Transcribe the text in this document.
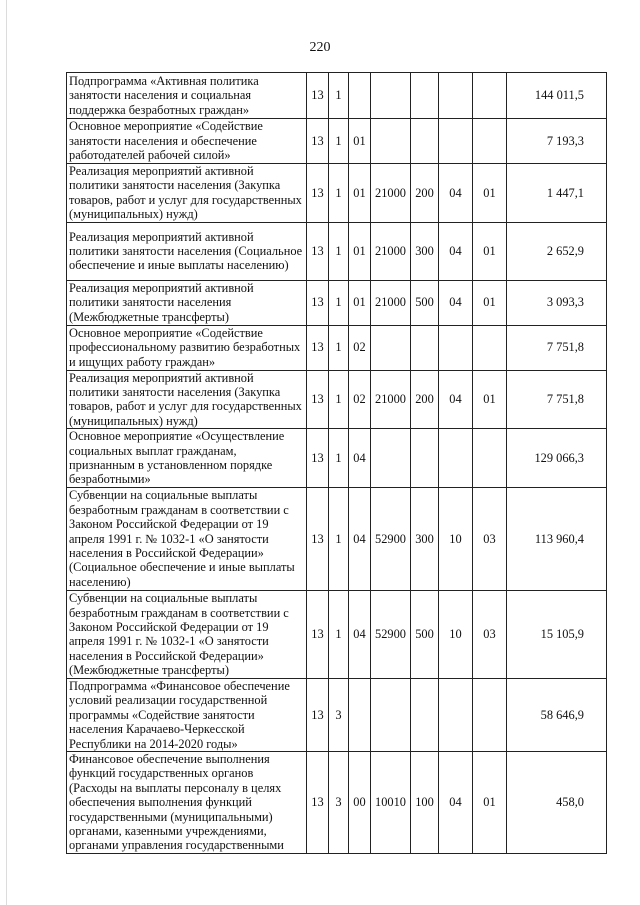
220
Подпрограмма «Активная политика занятости населения и социальная поддержка безработных граждан»	13	1						144 011,5
Основное мероприятие «Содействие занятости населения и обеспечение работодателей рабочей силой»	13	1	01					7 193,3
Реализация мероприятий активной политики занятости населения (Закупка товаров, работ и услуг для государственных (муниципальных) нужд)	13	1	01	21000	200	04	01	1 447,1
Реализация мероприятий активной политики занятости населения (Социальное обеспечение и иные выплаты населению)	13	1	01	21000	300	04	01	2 652,9
Реализация мероприятий активной политики занятости населения (Межбюджетные трансферты)	13	1	01	21000	500	04	01	3 093,3
Основное мероприятие «Содействие профессиональному развитию безработных и ищущих работу граждан»	13	1	02					7 751,8
Реализация мероприятий активной политики занятости населения (Закупка товаров, работ и услуг для государственных (муниципальных) нужд)	13	1	02	21000	200	04	01	7 751,8
Основное мероприятие «Осуществление социальных выплат гражданам, признанным в установленном порядке безработными»	13	1	04					129 066,3
Субвенции на социальные выплаты безработным гражданам в соответствии с Законом Российской Федерации от 19 апреля 1991 г. № 1032-1 «О занятости населения в Российской Федерации» (Социальное обеспечение и иные выплаты населению)	13	1	04	52900	300	10	03	113 960,4
Субвенции на социальные выплаты безработным гражданам в соответствии с Законом Российской Федерации от 19 апреля 1991 г. № 1032-1 «О занятости населения в Российской Федерации» (Межбюджетные трансферты)	13	1	04	52900	500	10	03	15 105,9
Подпрограмма «Финансовое обеспечение условий реализации государственной программы «Содействие занятости населения Карачаево-Черкесской Республики на 2014-2020 годы»	13	3						58 646,9
Финансовое обеспечение выполнения функций государственных органов (Расходы на выплаты персоналу в целях обеспечения выполнения функций государственными (муниципальными) органами, казенными учреждениями, органами управления государственными	13	3	00	10010	100	04	01	458,0
